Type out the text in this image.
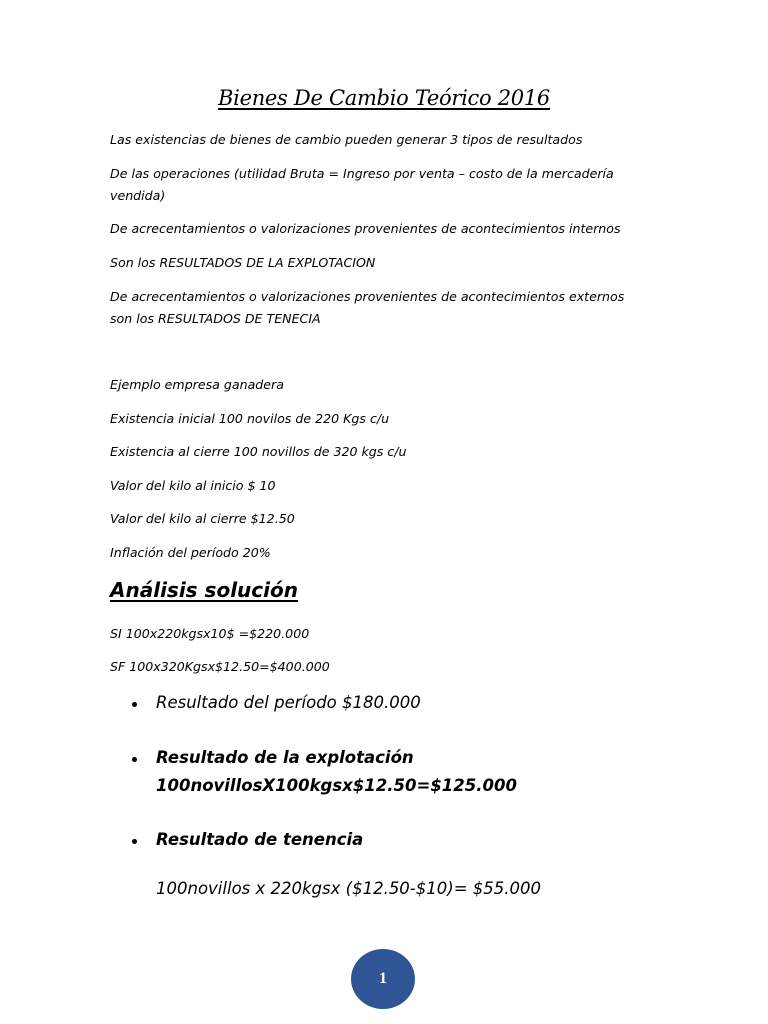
Bienes De Cambio Teórico 2016

Las existencias de bienes de cambio pueden generar 3 tipos de resultados

De las operaciones (utilidad Bruta = Ingreso por venta – costo de la mercadería vendida)

De acrecentamientos o valorizaciones provenientes de acontecimientos internos

Son los RESULTADOS DE LA EXPLOTACION

De acrecentamientos o valorizaciones provenientes de acontecimientos externos son los RESULTADOS DE TENECIA

Ejemplo empresa ganadera

Existencia inicial 100 novilos de 220 Kgs c/u

Existencia al cierre 100 novillos de 320 kgs c/u

Valor del kilo al inicio $ 10

Valor del kilo al cierre $12.50

Inflación del período 20%

Análisis solución

SI 100x220kgsx10$ =$220.000

SF 100x320Kgsx$12.50=$400.000

Resultado del período $180.000

Resultado de la explotación

100novillosX100kgsx$12.50=$125.000

Resultado de tenencia

100novillos x 220kgsx ($12.50-$10)= $55.000

1
